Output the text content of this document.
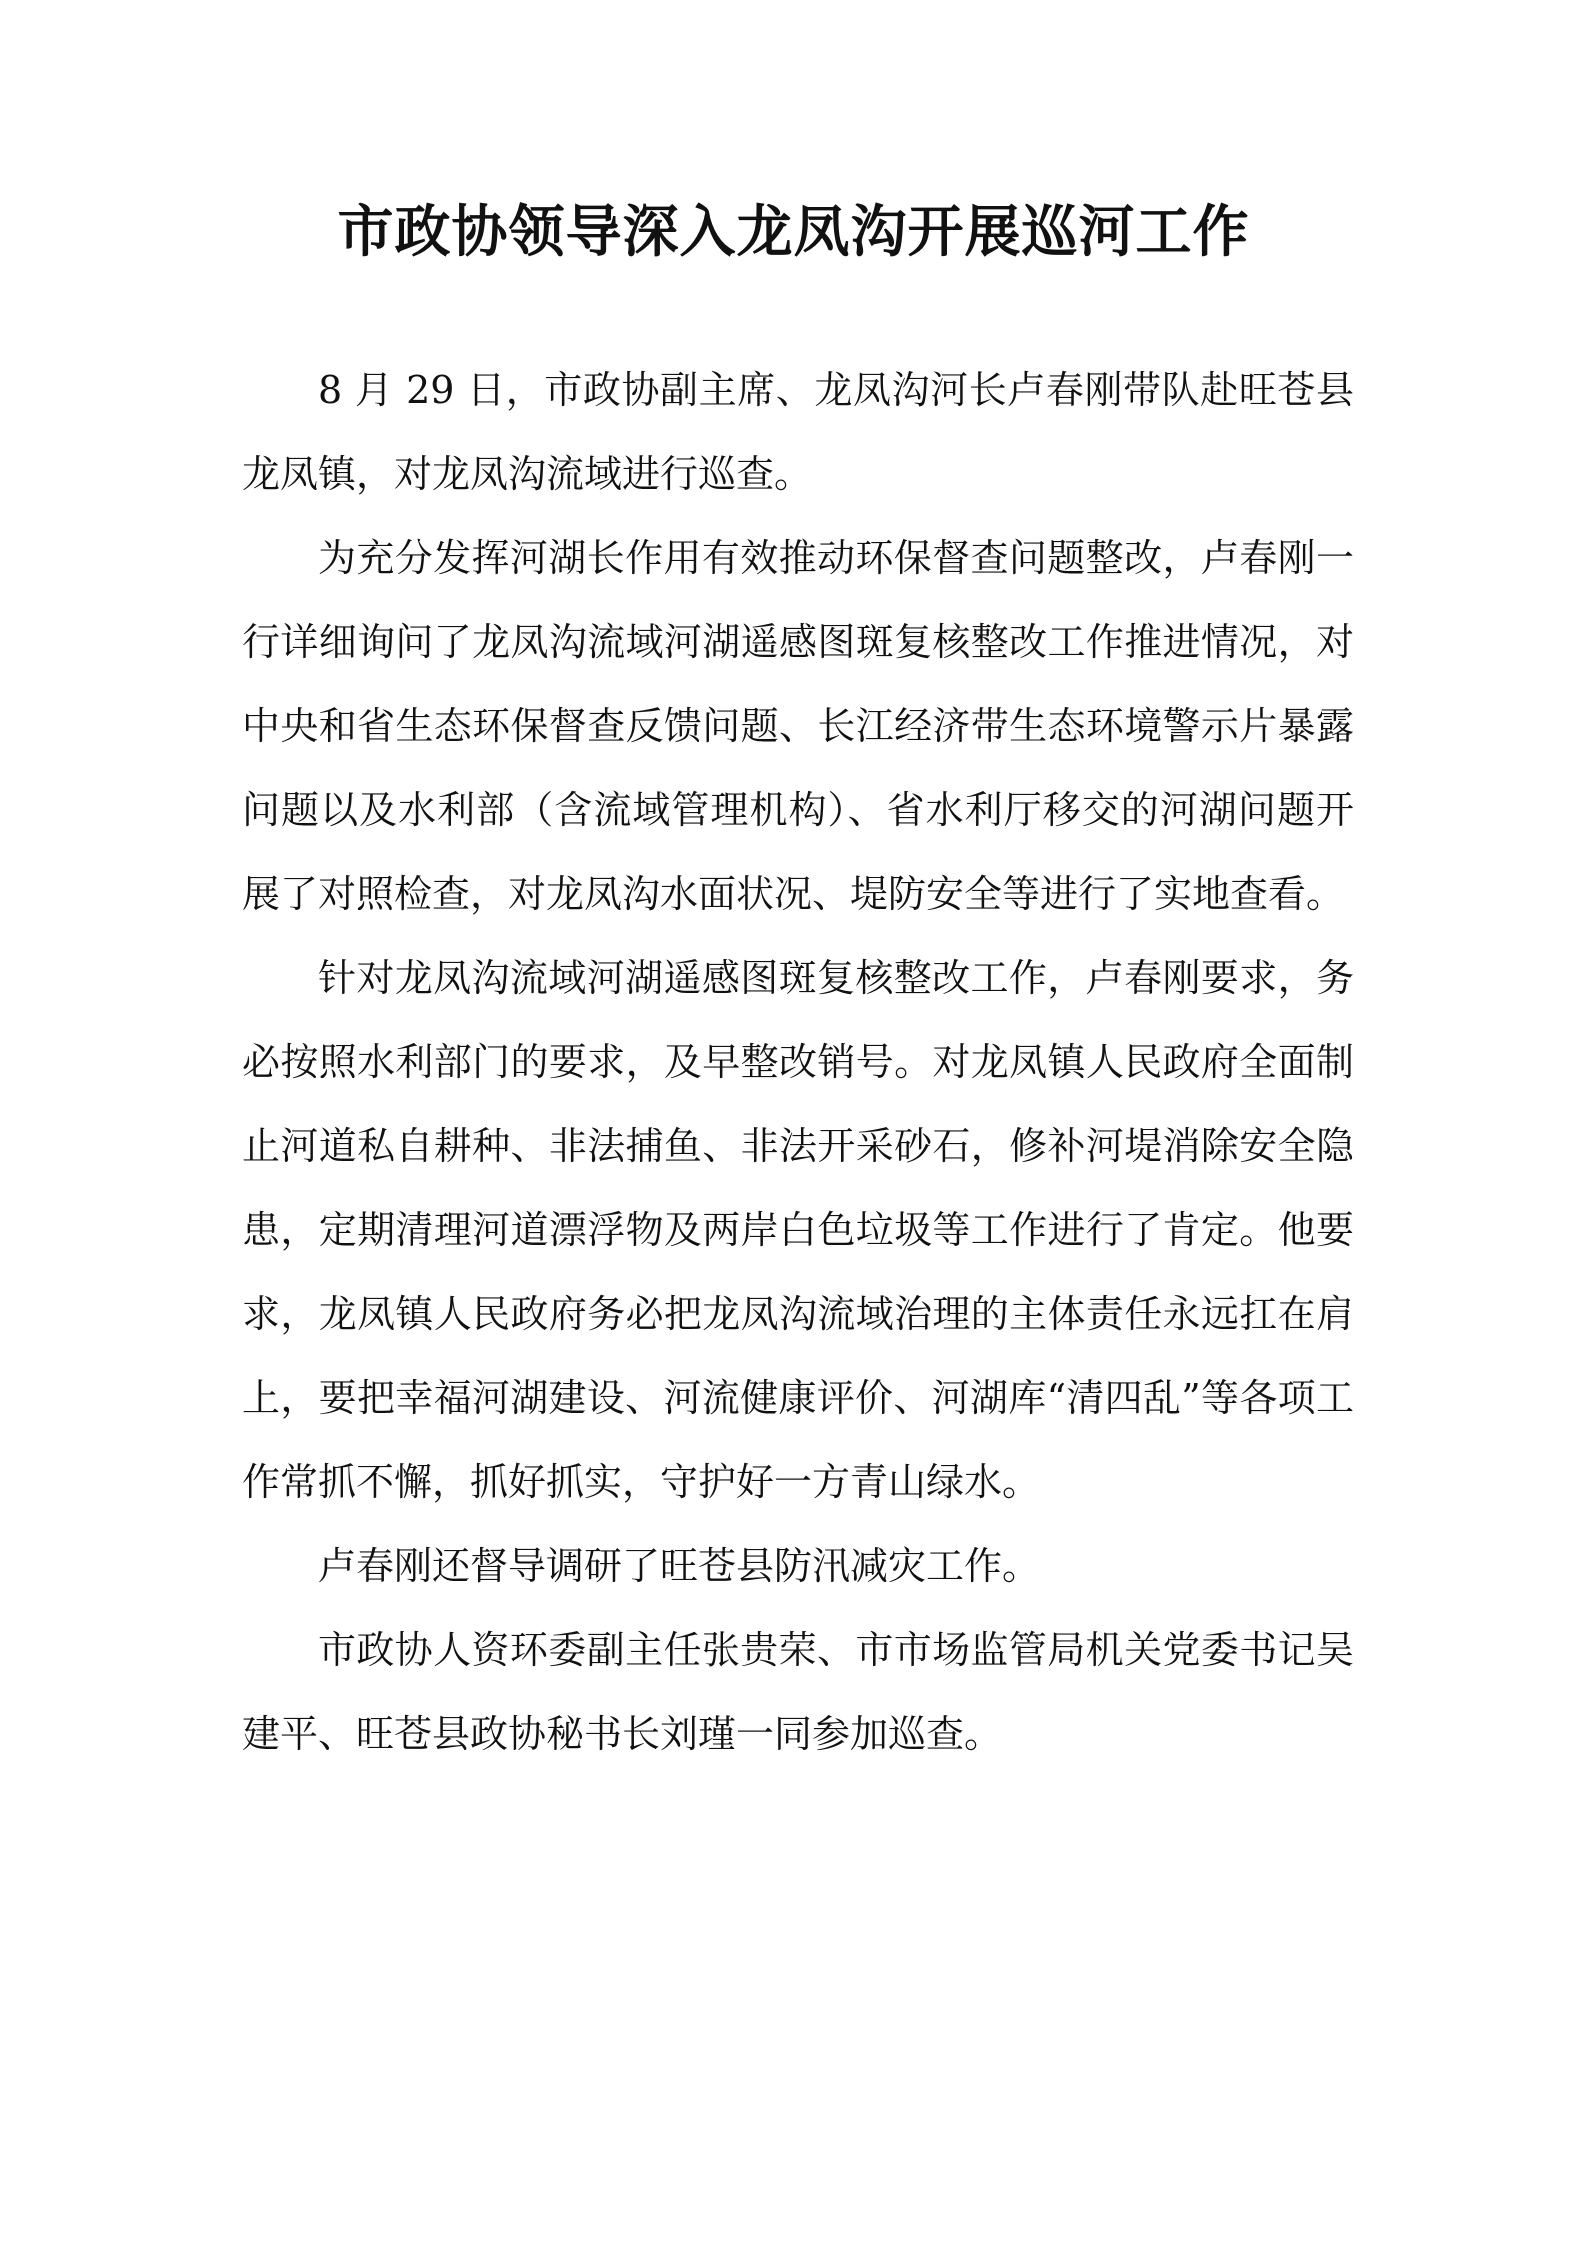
市政协领导深入龙凤沟开展巡河工作

8 月 29 日，市政协副主席、龙凤沟河长卢春刚带队赴旺苍县龙凤镇，对龙凤沟流域进行巡查。

为充分发挥河湖长作用有效推动环保督查问题整改，卢春刚一行详细询问了龙凤沟流域河湖遥感图斑复核整改工作推进情况，对中央和省生态环保督查反馈问题、长江经济带生态环境警示片暴露问题以及水利部（含流域管理机构）、省水利厅移交的河湖问题开展了对照检查，对龙凤沟水面状况、堤防安全等进行了实地查看。

针对龙凤沟流域河湖遥感图斑复核整改工作，卢春刚要求，务必按照水利部门的要求，及早整改销号。对龙凤镇人民政府全面制止河道私自耕种、非法捕鱼、非法开采砂石，修补河堤消除安全隐患，定期清理河道漂浮物及两岸白色垃圾等工作进行了肯定。他要求，龙凤镇人民政府务必把龙凤沟流域治理的主体责任永远扛在肩上，要把幸福河湖建设、河流健康评价、河湖库“清四乱”等各项工作常抓不懈，抓好抓实，守护好一方青山绿水。

卢春刚还督导调研了旺苍县防汛减灾工作。

市政协人资环委副主任张贵荣、市市场监管局机关党委书记吴建平、旺苍县政协秘书长刘瑾一同参加巡查。
